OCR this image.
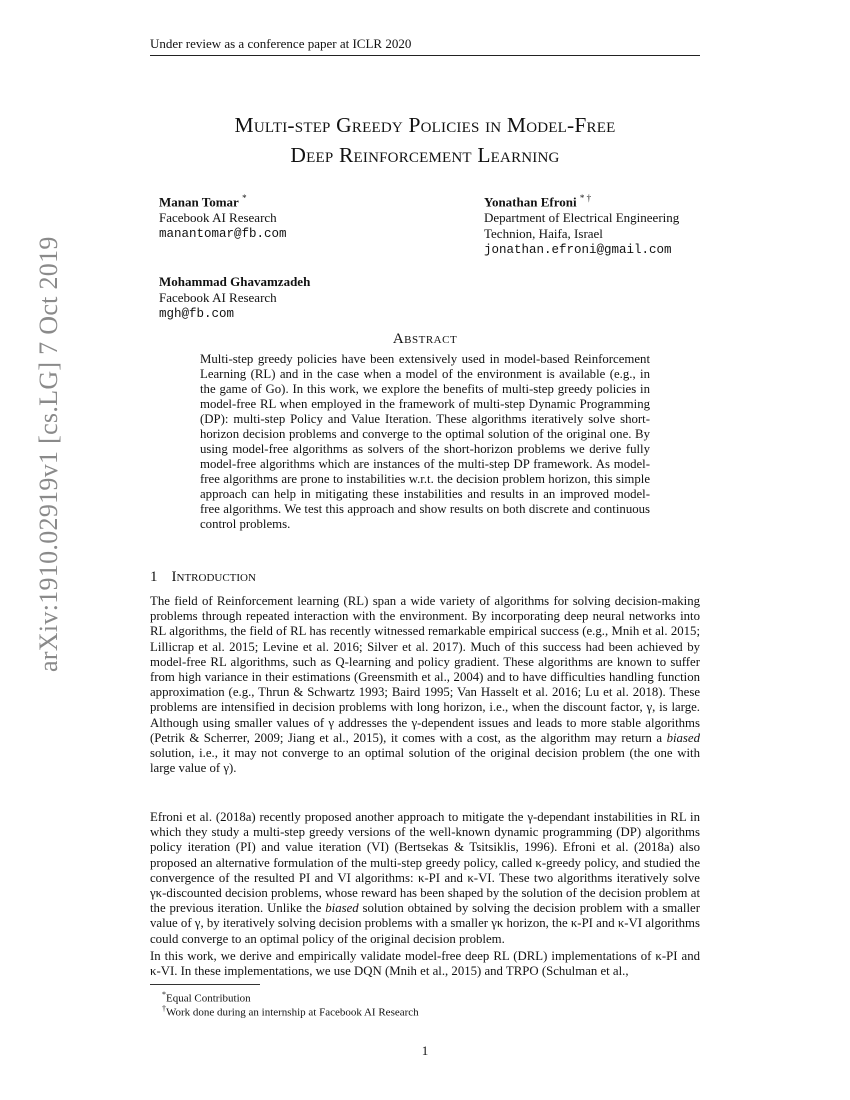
Under review as a conference paper at ICLR 2020
Multi-step Greedy Policies in Model-Free
Deep Reinforcement Learning
Manan Tomar *
Facebook AI Research
manantomar@fb.com
Yonathan Efroni * †
Department of Electrical Engineering
Technion, Haifa, Israel
jonathan.efroni@gmail.com
Mohammad Ghavamzadeh
Facebook AI Research
mgh@fb.com
Abstract
Multi-step greedy policies have been extensively used in model-based Reinforcement Learning (RL) and in the case when a model of the environment is available (e.g., in the game of Go). In this work, we explore the benefits of multi-step greedy policies in model-free RL when employed in the framework of multi-step Dynamic Programming (DP): multi-step Policy and Value Iteration. These algorithms iteratively solve short-horizon decision problems and converge to the optimal solution of the original one. By using model-free algorithms as solvers of the short-horizon problems we derive fully model-free algorithms which are instances of the multi-step DP framework. As model-free algorithms are prone to instabilities w.r.t. the decision problem horizon, this simple approach can help in mitigating these instabilities and results in an improved model-free algorithms. We test this approach and show results on both discrete and continuous control problems.
1 Introduction
The field of Reinforcement learning (RL) span a wide variety of algorithms for solving decision-making problems through repeated interaction with the environment. By incorporating deep neural networks into RL algorithms, the field of RL has recently witnessed remarkable empirical success (e.g., Mnih et al. 2015; Lillicrap et al. 2015; Levine et al. 2016; Silver et al. 2017). Much of this success had been achieved by model-free RL algorithms, such as Q-learning and policy gradient. These algorithms are known to suffer from high variance in their estimations (Greensmith et al., 2004) and to have difficulties handling function approximation (e.g., Thrun & Schwartz 1993; Baird 1995; Van Hasselt et al. 2016; Lu et al. 2018). These problems are intensified in decision problems with long horizon, i.e., when the discount factor, γ, is large. Although using smaller values of γ addresses the γ-dependent issues and leads to more stable algorithms (Petrik & Scherrer, 2009; Jiang et al., 2015), it comes with a cost, as the algorithm may return a biased solution, i.e., it may not converge to an optimal solution of the original decision problem (the one with large value of γ).
Efroni et al. (2018a) recently proposed another approach to mitigate the γ-dependant instabilities in RL in which they study a multi-step greedy versions of the well-known dynamic programming (DP) algorithms policy iteration (PI) and value iteration (VI) (Bertsekas & Tsitsiklis, 1996). Efroni et al. (2018a) also proposed an alternative formulation of the multi-step greedy policy, called κ-greedy policy, and studied the convergence of the resulted PI and VI algorithms: κ-PI and κ-VI. These two algorithms iteratively solve γκ-discounted decision problems, whose reward has been shaped by the solution of the decision problem at the previous iteration. Unlike the biased solution obtained by solving the decision problem with a smaller value of γ, by iteratively solving decision problems with a smaller γκ horizon, the κ-PI and κ-VI algorithms could converge to an optimal policy of the original decision problem.
In this work, we derive and empirically validate model-free deep RL (DRL) implementations of κ-PI and κ-VI. In these implementations, we use DQN (Mnih et al., 2015) and TRPO (Schulman et al.,
*Equal Contribution
†Work done during an internship at Facebook AI Research
1
arXiv:1910.02919v1 [cs.LG] 7 Oct 2019
